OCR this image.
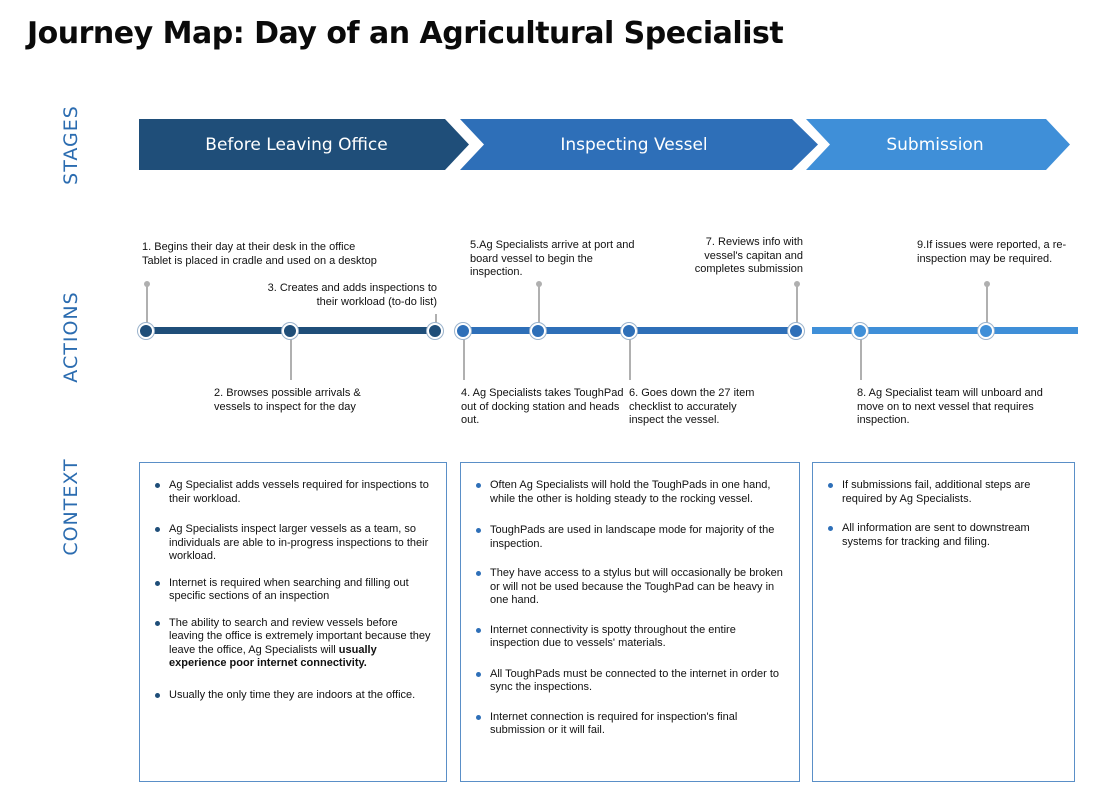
Journey Map: Day of an Agricultural Specialist
STAGES
ACTIONS
CONTEXT
Before Leaving Office	Inspecting Vessel	Submission
1. Begins their day at their desk in the office Tablet is placed in cradle and used on a desktop
2. Browses possible arrivals & vessels to inspect for the day
3. Creates and adds inspections to their workload (to-do list)
4. Ag Specialists takes ToughPad out of docking station and heads out.
5.Ag Specialists arrive at port and board vessel to begin the inspection.
6. Goes down the 27 item checklist to accurately inspect the vessel.
7. Reviews info with vessel's capitan and completes submission
8. Ag Specialist team will unboard and move on to next vessel that requires inspection.
9.If issues were reported, a re-inspection may be required.
Ag Specialist adds vessels required for inspections to their workload.
Ag Specialists inspect larger vessels as a team, so individuals are able to in-progress inspections to their workload.
Internet is required when searching and filling out specific sections of an inspection
The ability to search and review vessels before leaving the office is extremely important because they leave the office, Ag Specialists will usually experience poor internet connectivity.
Usually the only time they are indoors at the office.
Often Ag Specialists will hold the ToughPads in one hand, while the other is holding steady to the rocking vessel.
ToughPads are used in landscape mode for majority of the inspection.
They have access to a stylus but will occasionally be broken or will not be used because the ToughPad can be heavy in one hand.
Internet connectivity is spotty throughout the entire inspection due to vessels' materials.
All ToughPads must be connected to the internet in order to sync the inspections.
Internet connection is required for inspection's final submission or it will fail.
If submissions fail, additional steps are required by Ag Specialists.
All information are sent to downstream systems for tracking and filing.
